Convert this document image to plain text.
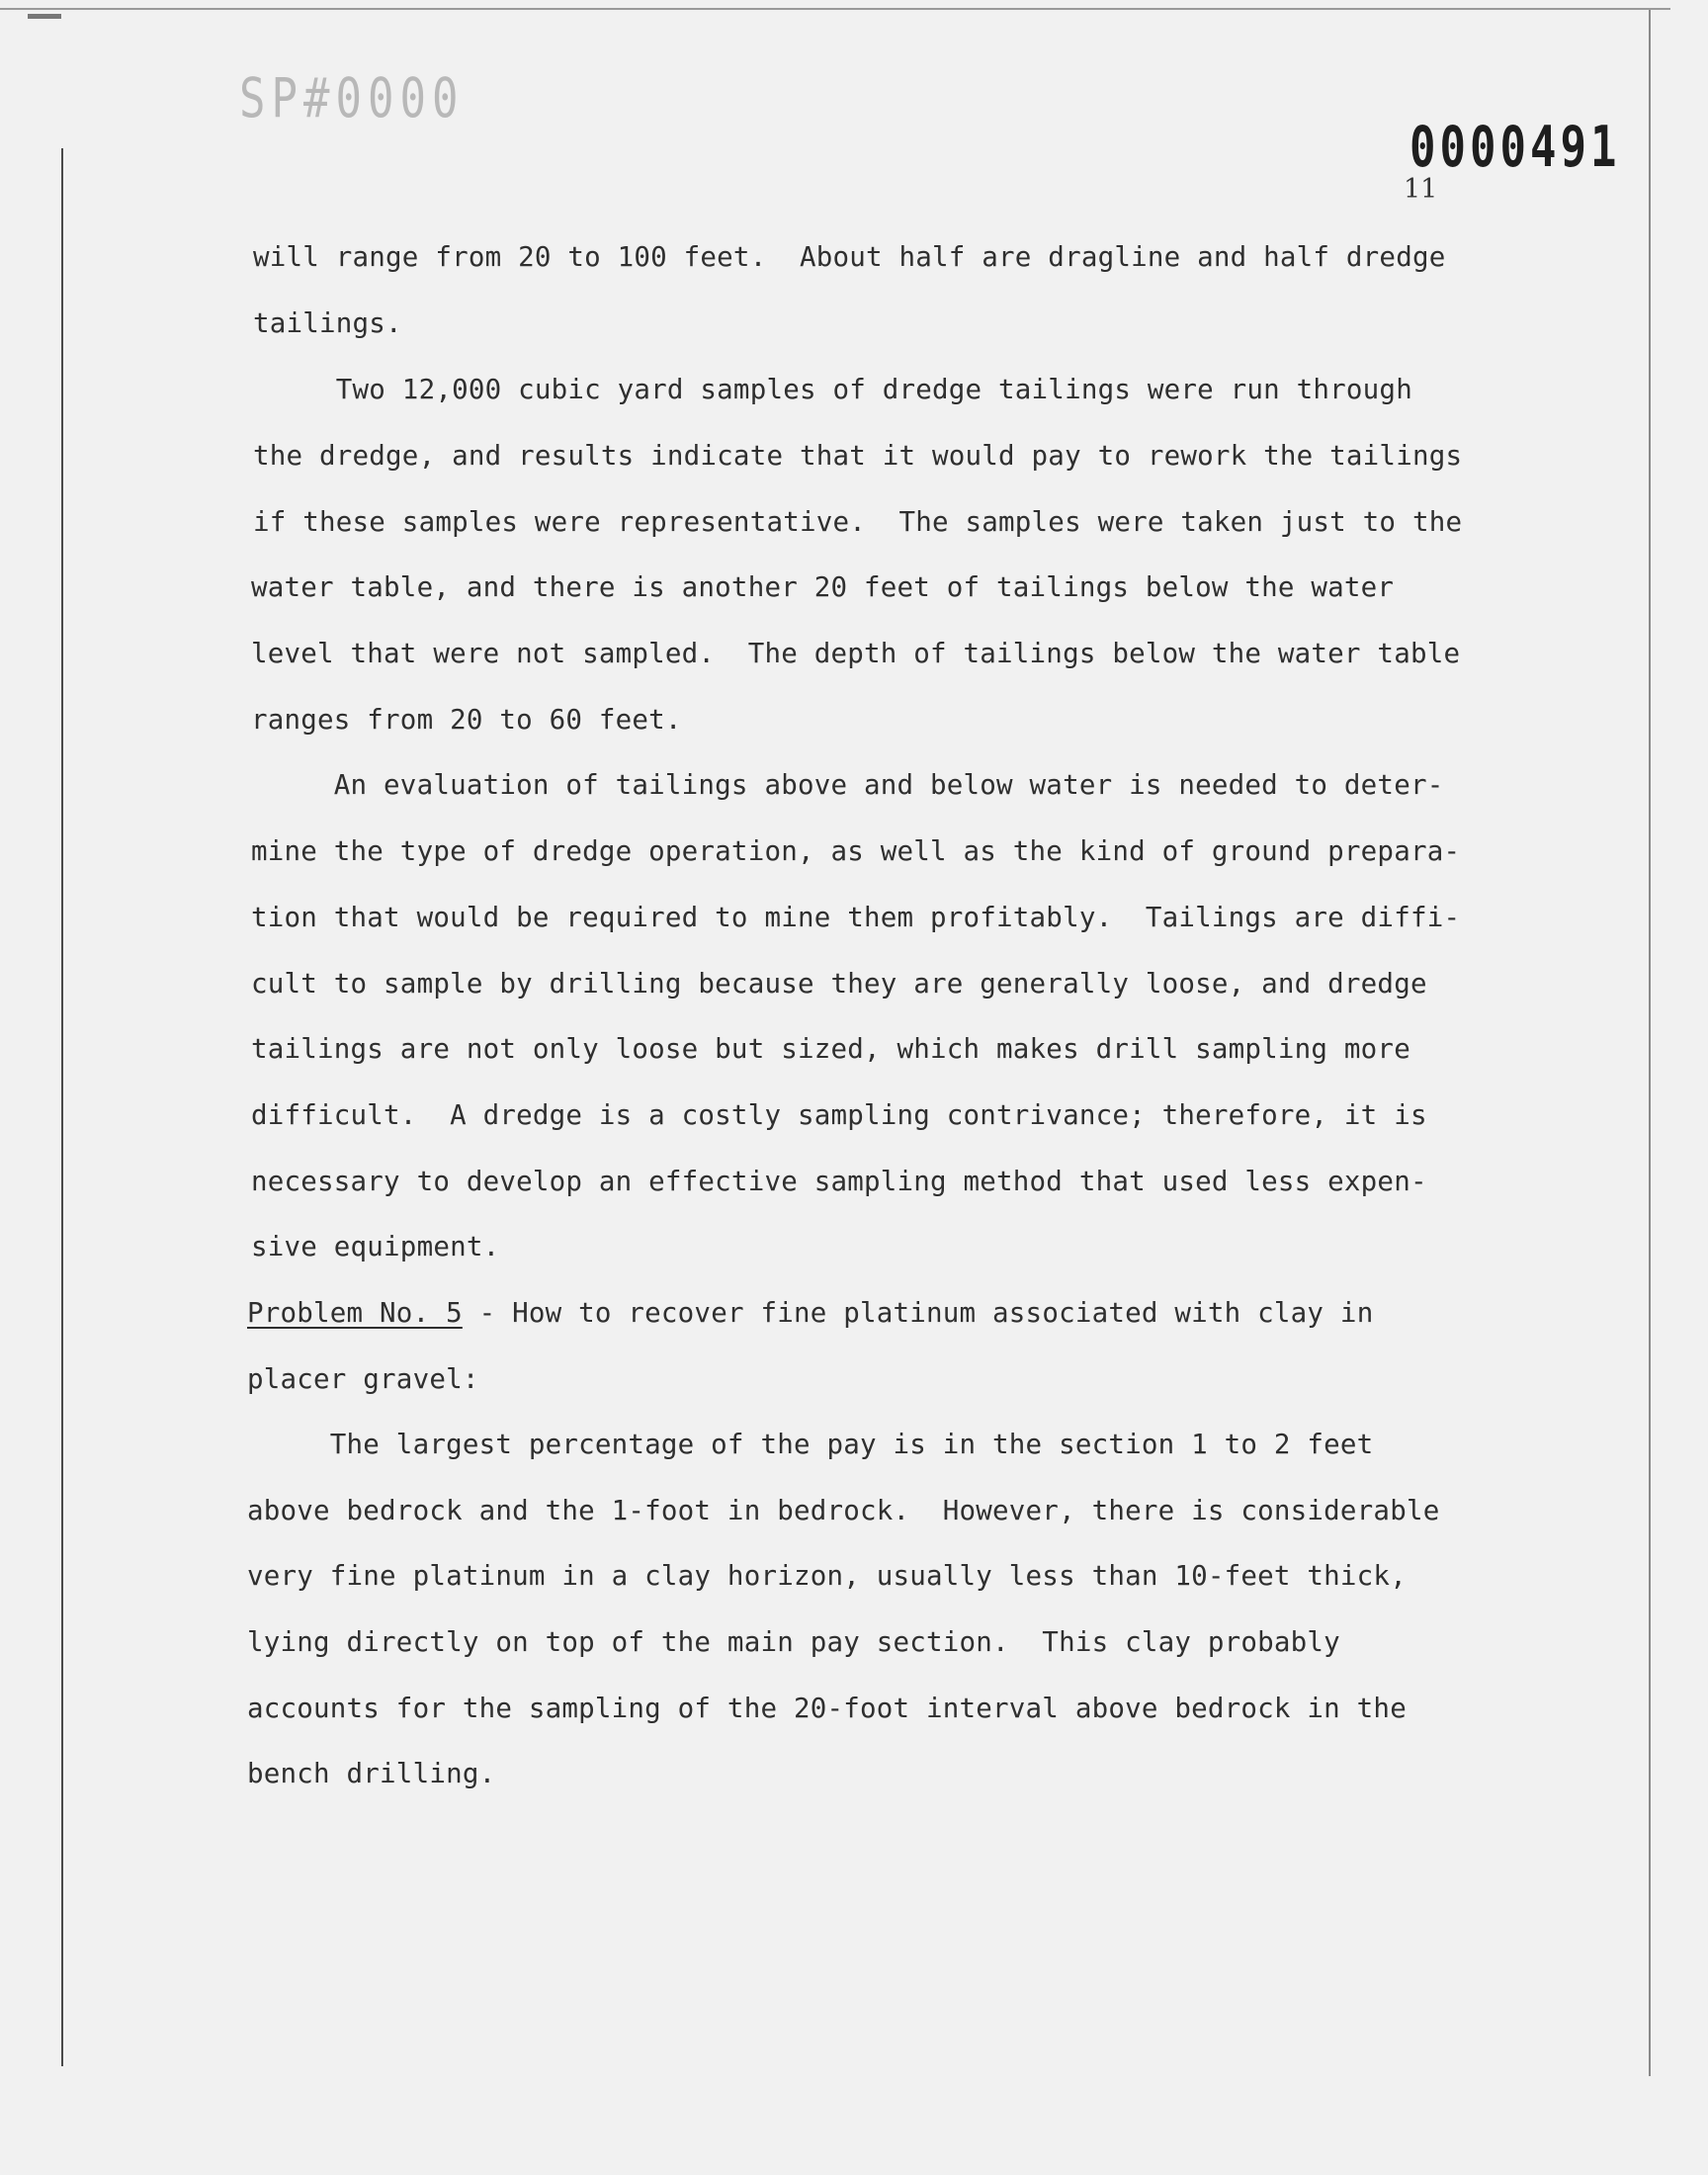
SP#0000
0000491
11
will range from 20 to 100 feet.  About half are dragline and half dredge
tailings.
Two 12,000 cubic yard samples of dredge tailings were run through
the dredge, and results indicate that it would pay to rework the tailings
if these samples were representative.  The samples were taken just to the
water table, and there is another 20 feet of tailings below the water
level that were not sampled.  The depth of tailings below the water table
ranges from 20 to 60 feet.
An evaluation of tailings above and below water is needed to deter-
mine the type of dredge operation, as well as the kind of ground prepara-
tion that would be required to mine them profitably.  Tailings are diffi-
cult to sample by drilling because they are generally loose, and dredge
tailings are not only loose but sized, which makes drill sampling more
difficult.  A dredge is a costly sampling contrivance; therefore, it is
necessary to develop an effective sampling method that used less expen-
sive equipment.
Problem No. 5 - How to recover fine platinum associated with clay in
placer gravel:
The largest percentage of the pay is in the section 1 to 2 feet
above bedrock and the 1-foot in bedrock.  However, there is considerable
very fine platinum in a clay horizon, usually less than 10-feet thick,
lying directly on top of the main pay section.  This clay probably
accounts for the sampling of the 20-foot interval above bedrock in the
bench drilling.
